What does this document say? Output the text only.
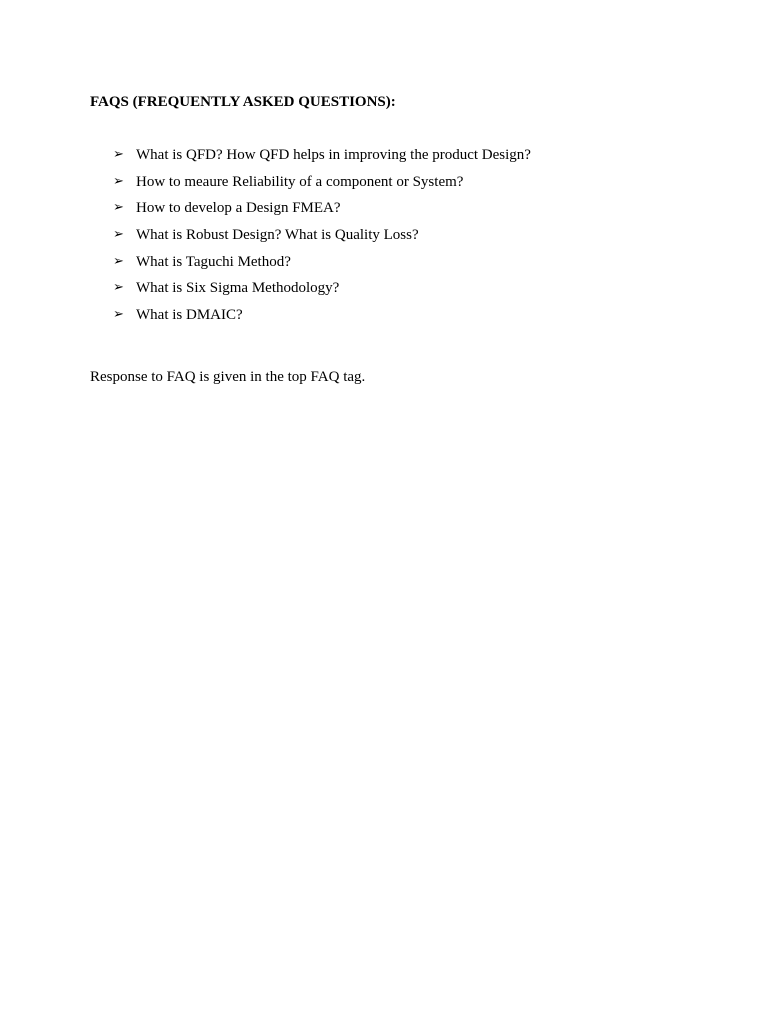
FAQS (FREQUENTLY ASKED QUESTIONS):
➢ What is QFD? How QFD helps in improving the product Design?
➢ How to meaure Reliability of a component or System?
➢ How to develop a Design FMEA?
➢ What is Robust Design? What is Quality Loss?
➢ What is Taguchi Method?
➢ What is Six Sigma Methodology?
➢ What is DMAIC?
Response to FAQ is given in the top FAQ tag.
